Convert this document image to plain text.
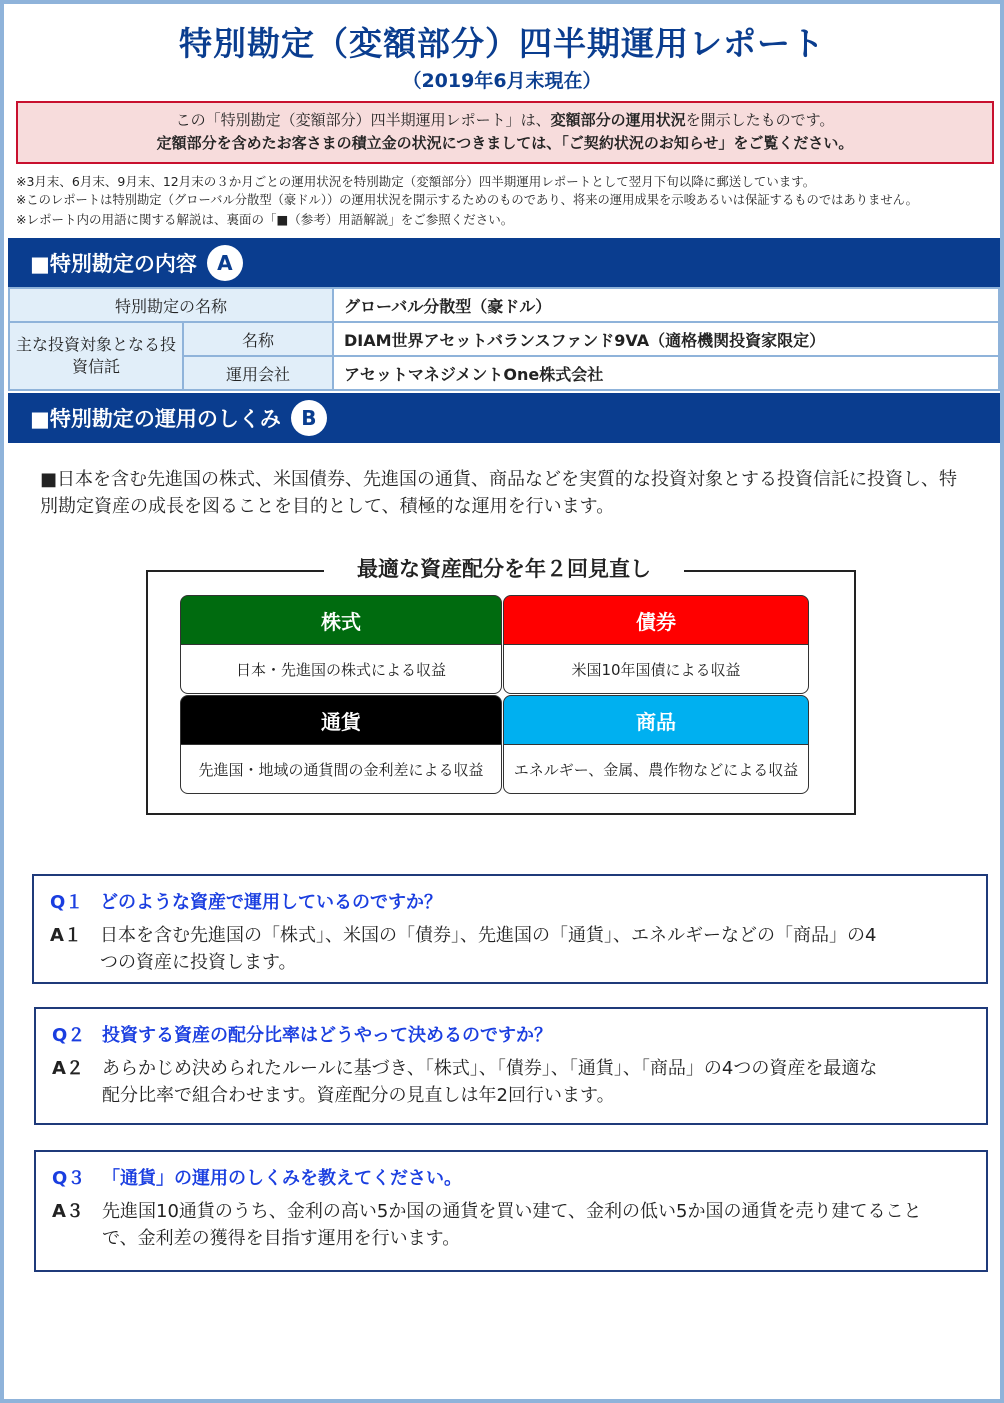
特別勘定（変額部分）四半期運用レポート
（2019年6月末現在）
この「特別勘定（変額部分）四半期運用レポート」は、変額部分の運用状況を開示したものです。
定額部分を含めたお客さまの積立金の状況につきましては、「ご契約状況のお知らせ」をご覧ください。
※3月末、6月末、9月末、12月末の３か月ごとの運用状況を特別勘定（変額部分）四半期運用レポートとして翌月下旬以降に郵送しています。
※このレポートは特別勘定（グローバル分散型（豪ドル））の運用状況を開示するためのものであり、将来の運用成果を示唆あるいは保証するものではありません。
※レポート内の用語に関する解説は、裏面の「■（参考）用語解説」をご参照ください。
■特別勘定の内容	A
特別勘定の名称		グローバル分散型（豪ドル）
主な投資対象となる投資信託	名称	DIAM世界アセットバランスファンド9VA（適格機関投資家限定）
	運用会社	アセットマネジメントOne株式会社
■特別勘定の運用のしくみ	B
■日本を含む先進国の株式、米国債券、先進国の通貨、商品などを実質的な投資対象とする投資信託に投資し、特別勘定資産の成長を図ることを目的として、積極的な運用を行います。
最適な資産配分を年２回見直し
株式
日本・先進国の株式による収益
債券
米国10年国債による収益
通貨
先進国・地域の通貨間の金利差による収益
商品
エネルギー、金属、農作物などによる収益
Q１ どのような資産で運用しているのですか？
A１	日本を含む先進国の「株式」、米国の「債券」、先進国の「通貨」、エネルギーなどの「商品」の4つの資産に投資します。
Q２ 投資する資産の配分比率はどうやって決めるのですか？
A２	あらかじめ決められたルールに基づき、「株式」、「債券」、「通貨」、「商品」の4つの資産を最適な配分比率で組合わせます。資産配分の見直しは年2回行います。
Q３ 「通貨」の運用のしくみを教えてください。
A３	先進国10通貨のうち、金利の高い5か国の通貨を買い建て、金利の低い5か国の通貨を売り建てることで、金利差の獲得を目指す運用を行います。
